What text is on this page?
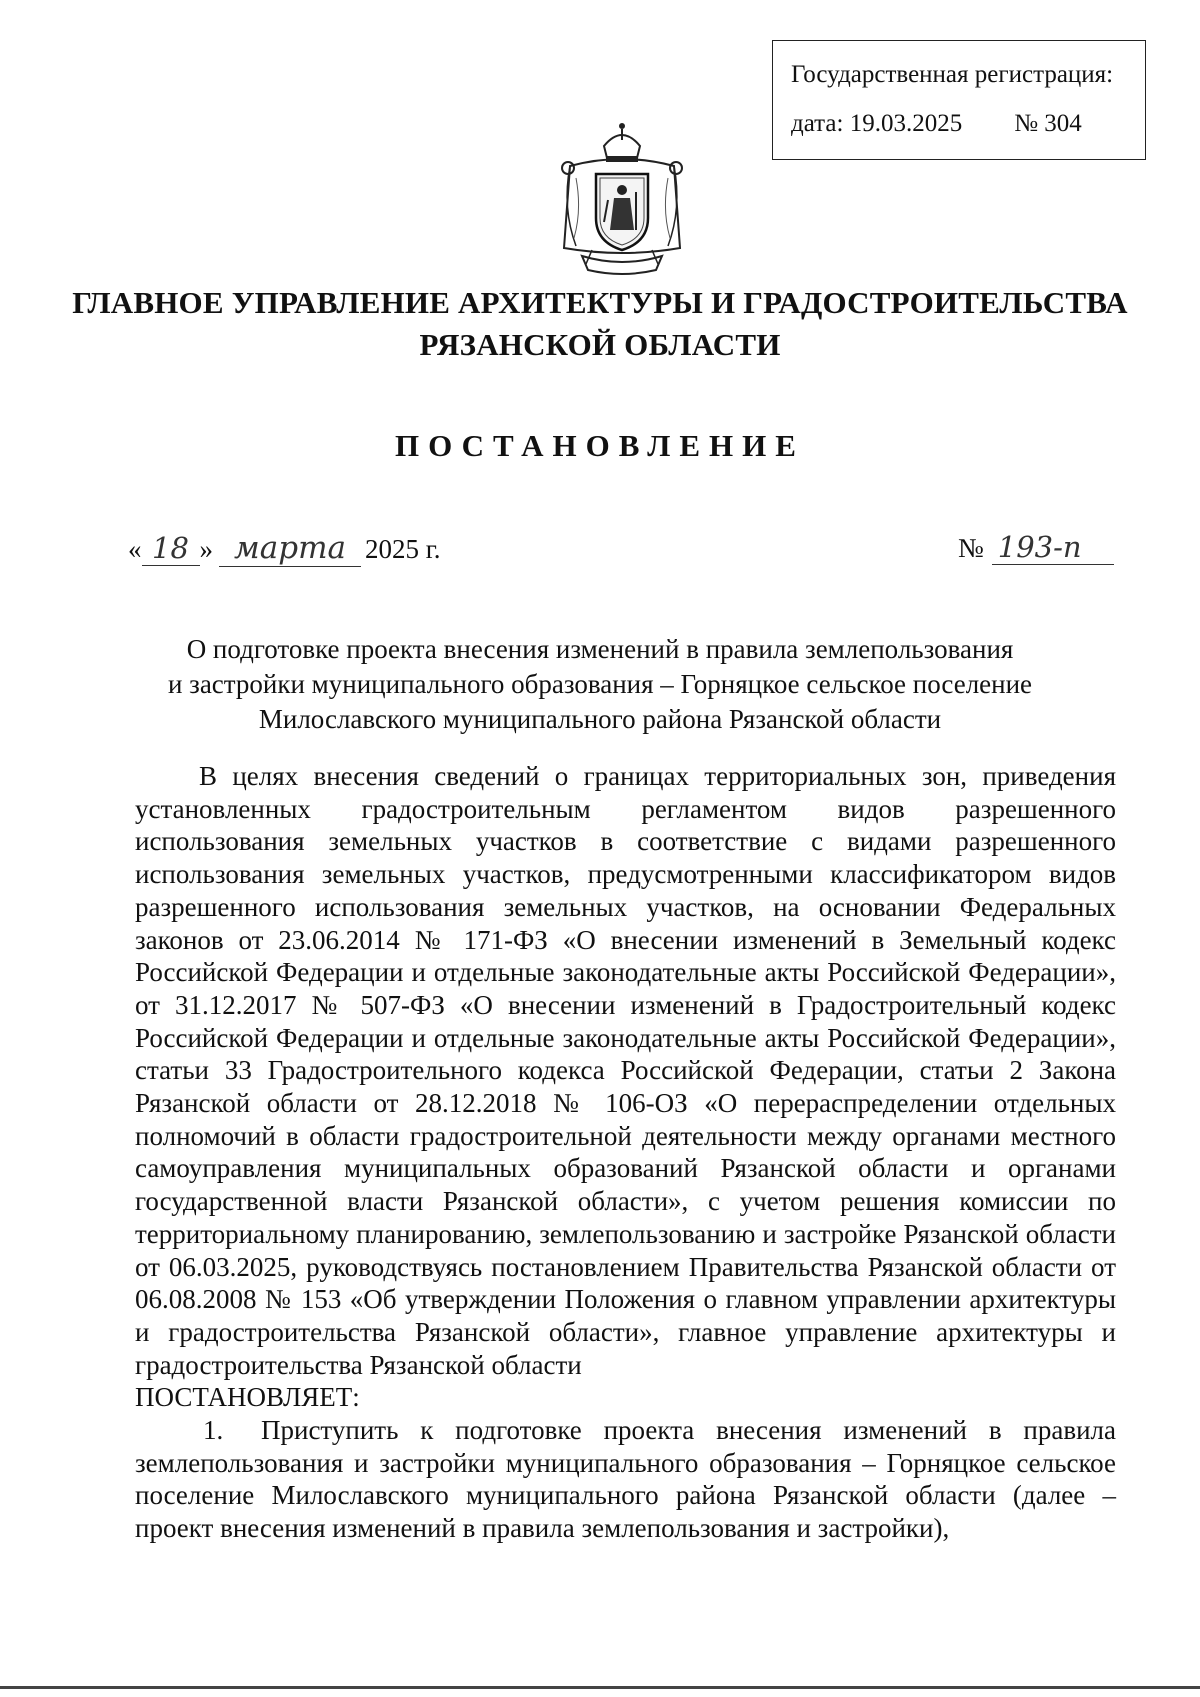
Государственная регистрация:
дата: 19.03.2025 № 304
ГЛАВНОЕ УПРАВЛЕНИЕ АРХИТЕКТУРЫ И ГРАДОСТРОИТЕЛЬСТВА
РЯЗАНСКОЙ ОБЛАСТИ
ПОСТАНОВЛЕНИЕ
« 18 » марта 2025 г.	№ 193-п
О подготовке проекта внесения изменений в правила землепользования
и застройки муниципального образования – Горняцкое сельское поселение
Милославского муниципального района Рязанской области

В целях внесения сведений о границах территориальных зон, приведения установленных градостроительным регламентом видов разрешенного использования земельных участков в соответствие с видами разрешенного использования земельных участков, предусмотренными классификатором видов разрешенного использования земельных участков, на основании Федеральных законов от 23.06.2014 № 171-ФЗ «О внесении изменений в Земельный кодекс Российской Федерации и отдельные законодательные акты Российской Федерации», от 31.12.2017 № 507-ФЗ «О внесении изменений в Градостроительный кодекс Российской Федерации и отдельные законодательные акты Российской Федерации», статьи 33 Градостроительного кодекса Российской Федерации, статьи 2 Закона Рязанской области от 28.12.2018 № 106-ОЗ «О перераспределении отдельных полномочий в области градостроительной деятельности между органами местного самоуправления муниципальных образований Рязанской области и органами государственной власти Рязанской области», с учетом решения комиссии по территориальному планированию, землепользованию и застройке Рязанской области от 06.03.2025, руководствуясь постановлением Правительства Рязанской области от 06.08.2008 № 153 «Об утверждении Положения о главном управлении архитектуры и градостроительства Рязанской области», главное управление архитектуры и градостроительства Рязанской области

ПОСТАНОВЛЯЕТ:

1. Приступить к подготовке проекта внесения изменений в правила землепользования и застройки муниципального образования – Горняцкое сельское поселение Милославского муниципального района Рязанской области (далее – проект внесения изменений в правила землепользования и застройки),
